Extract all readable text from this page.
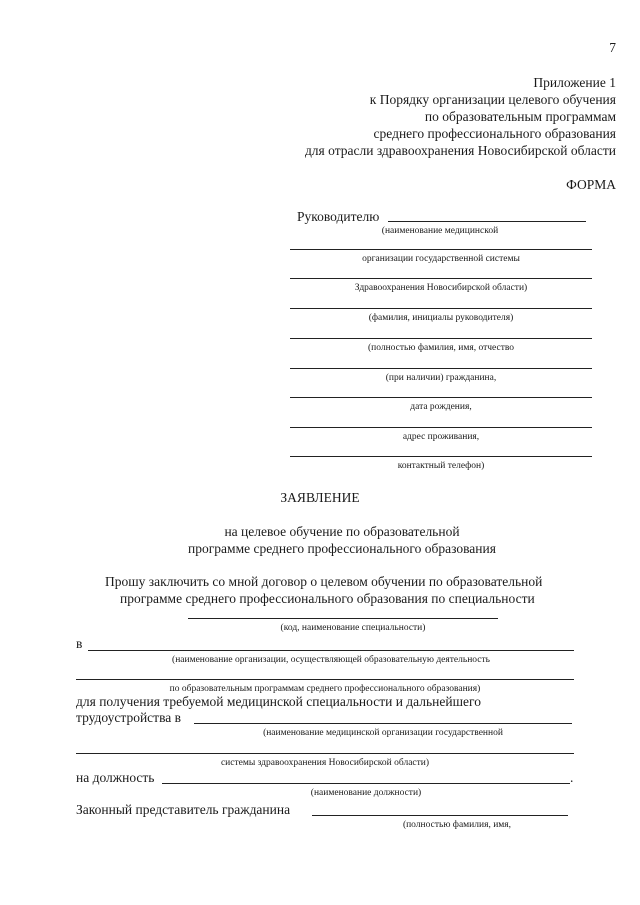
7
Приложение 1
к Порядку организации целевого обучения
по образовательным программам
среднего профессионального образования
для отрасли здравоохранения Новосибирской области
ФОРМА
Руководителю
(наименование медицинской
организации государственной системы
Здравоохранения Новосибирской области)
(фамилия, инициалы руководителя)
(полностью фамилия, имя, отчество
(при наличии) гражданина,
дата рождения,
адрес проживания,
контактный телефон)
ЗАЯВЛЕНИЕ
на целевое обучение по образовательной
программе среднего профессионального образования
Прошу заключить со мной договор о целевом обучении по образовательной
программе среднего профессионального образования по специальности
(код, наименование специальности)
в
(наименование организации, осуществляющей образовательную деятельность
по образовательным программам среднего профессионального образования)
для получения требуемой медицинской специальности и дальнейшего
трудоустройства в
(наименование медицинской организации государственной
системы здравоохранения Новосибирской области)
на должность	.
(наименование должности)
Законный представитель гражданина
(полностью фамилия, имя,
